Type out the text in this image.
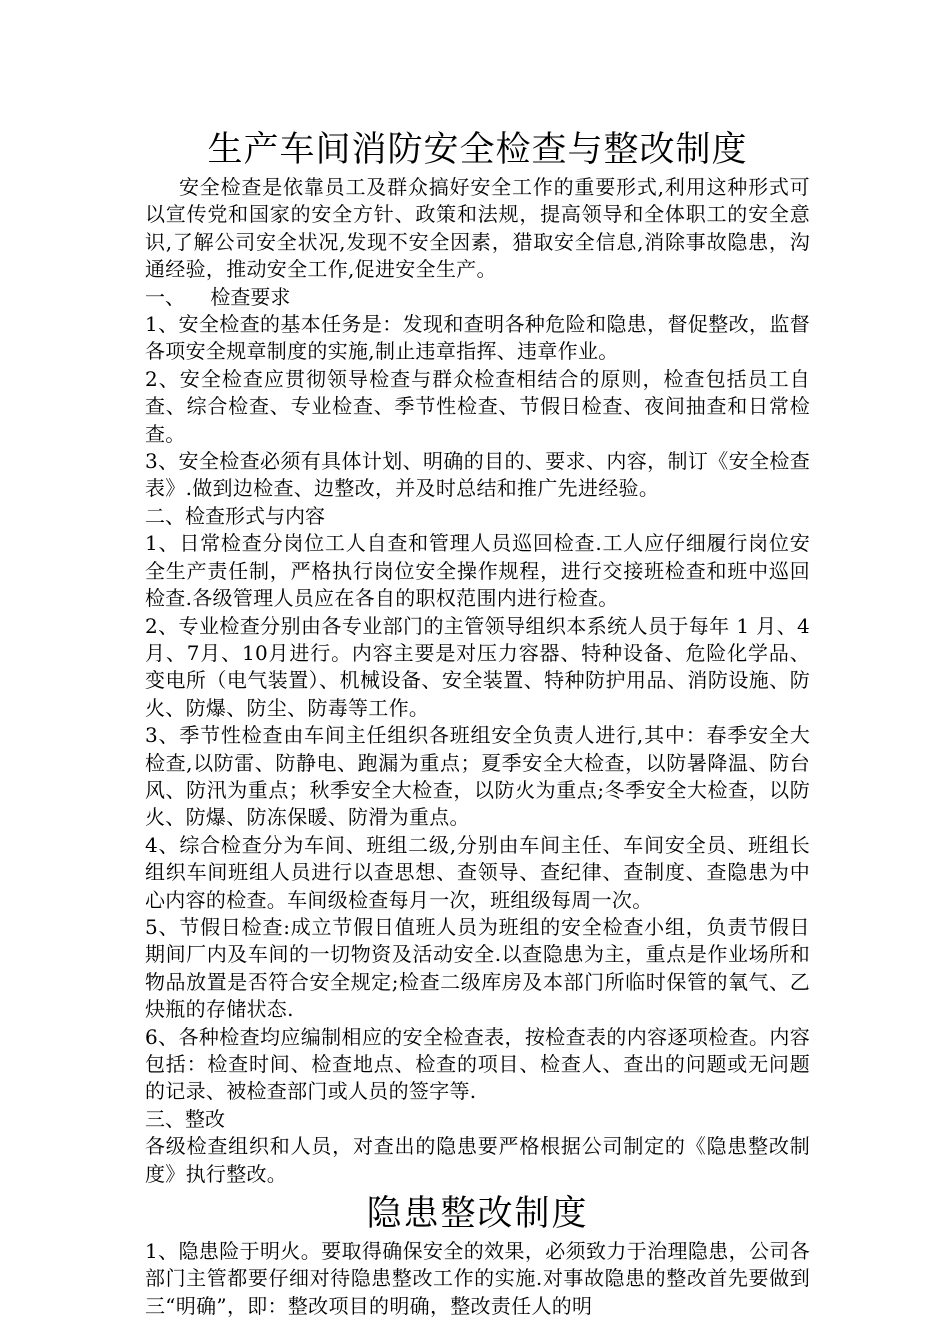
生产车间消防安全检查与整改制度

安全检查是依靠员工及群众搞好安全工作的重要形式,利用这种形式可以宣传党和国家的安全方针、政策和法规，提高领导和全体职工的安全意识,了解公司安全状况,发现不安全因素，猎取安全信息,消除事故隐患，沟通经验，推动安全工作,促进安全生产。

一、    检查要求

1、安全检查的基本任务是：发现和查明各种危险和隐患，督促整改，监督各项安全规章制度的实施,制止违章指挥、违章作业。

2、安全检查应贯彻领导检查与群众检查相结合的原则，检查包括员工自查、综合检查、专业检查、季节性检查、节假日检查、夜间抽查和日常检查。

3、安全检查必须有具体计划、明确的目的、要求、内容，制订《安全检查表》.做到边检查、边整改，并及时总结和推广先进经验。

二、检查形式与内容

1、日常检查分岗位工人自查和管理人员巡回检查.工人应仔细履行岗位安全生产责任制，严格执行岗位安全操作规程，进行交接班检查和班中巡回检查.各级管理人员应在各自的职权范围内进行检查。

2、专业检查分别由各专业部门的主管领导组织本系统人员于每年 1 月、4月、7月、10月进行。内容主要是对压力容器、特种设备、危险化学品、变电所（电气装置）、机械设备、安全装置、特种防护用品、消防设施、防火、防爆、防尘、防毒等工作。

3、季节性检查由车间主任组织各班组安全负责人进行,其中：春季安全大检查,以防雷、防静电、跑漏为重点；夏季安全大检查，以防暑降温、防台风、防汛为重点；秋季安全大检查，以防火为重点;冬季安全大检查，以防火、防爆、防冻保暖、防滑为重点。

4、综合检查分为车间、班组二级,分别由车间主任、车间安全员、班组长组织车间班组人员进行以查思想、查领导、查纪律、查制度、查隐患为中心内容的检查。车间级检查每月一次，班组级每周一次。

5、节假日检查:成立节假日值班人员为班组的安全检查小组，负责节假日期间厂内及车间的一切物资及活动安全.以查隐患为主，重点是作业场所和物品放置是否符合安全规定;检查二级库房及本部门所临时保管的氧气、乙炔瓶的存储状态.

6、各种检查均应编制相应的安全检查表，按检查表的内容逐项检查。内容包括：检查时间、检查地点、检查的项目、检查人、查出的问题或无问题的记录、被检查部门或人员的签字等.

三、整改

各级检查组织和人员，对查出的隐患要严格根据公司制定的《隐患整改制度》执行整改。

隐患整改制度

1、隐患险于明火。要取得确保安全的效果，必须致力于治理隐患，公司各部门主管都要仔细对待隐患整改工作的实施.对事故隐患的整改首先要做到三“明确”，即：整改项目的明确，整改责任人的明
